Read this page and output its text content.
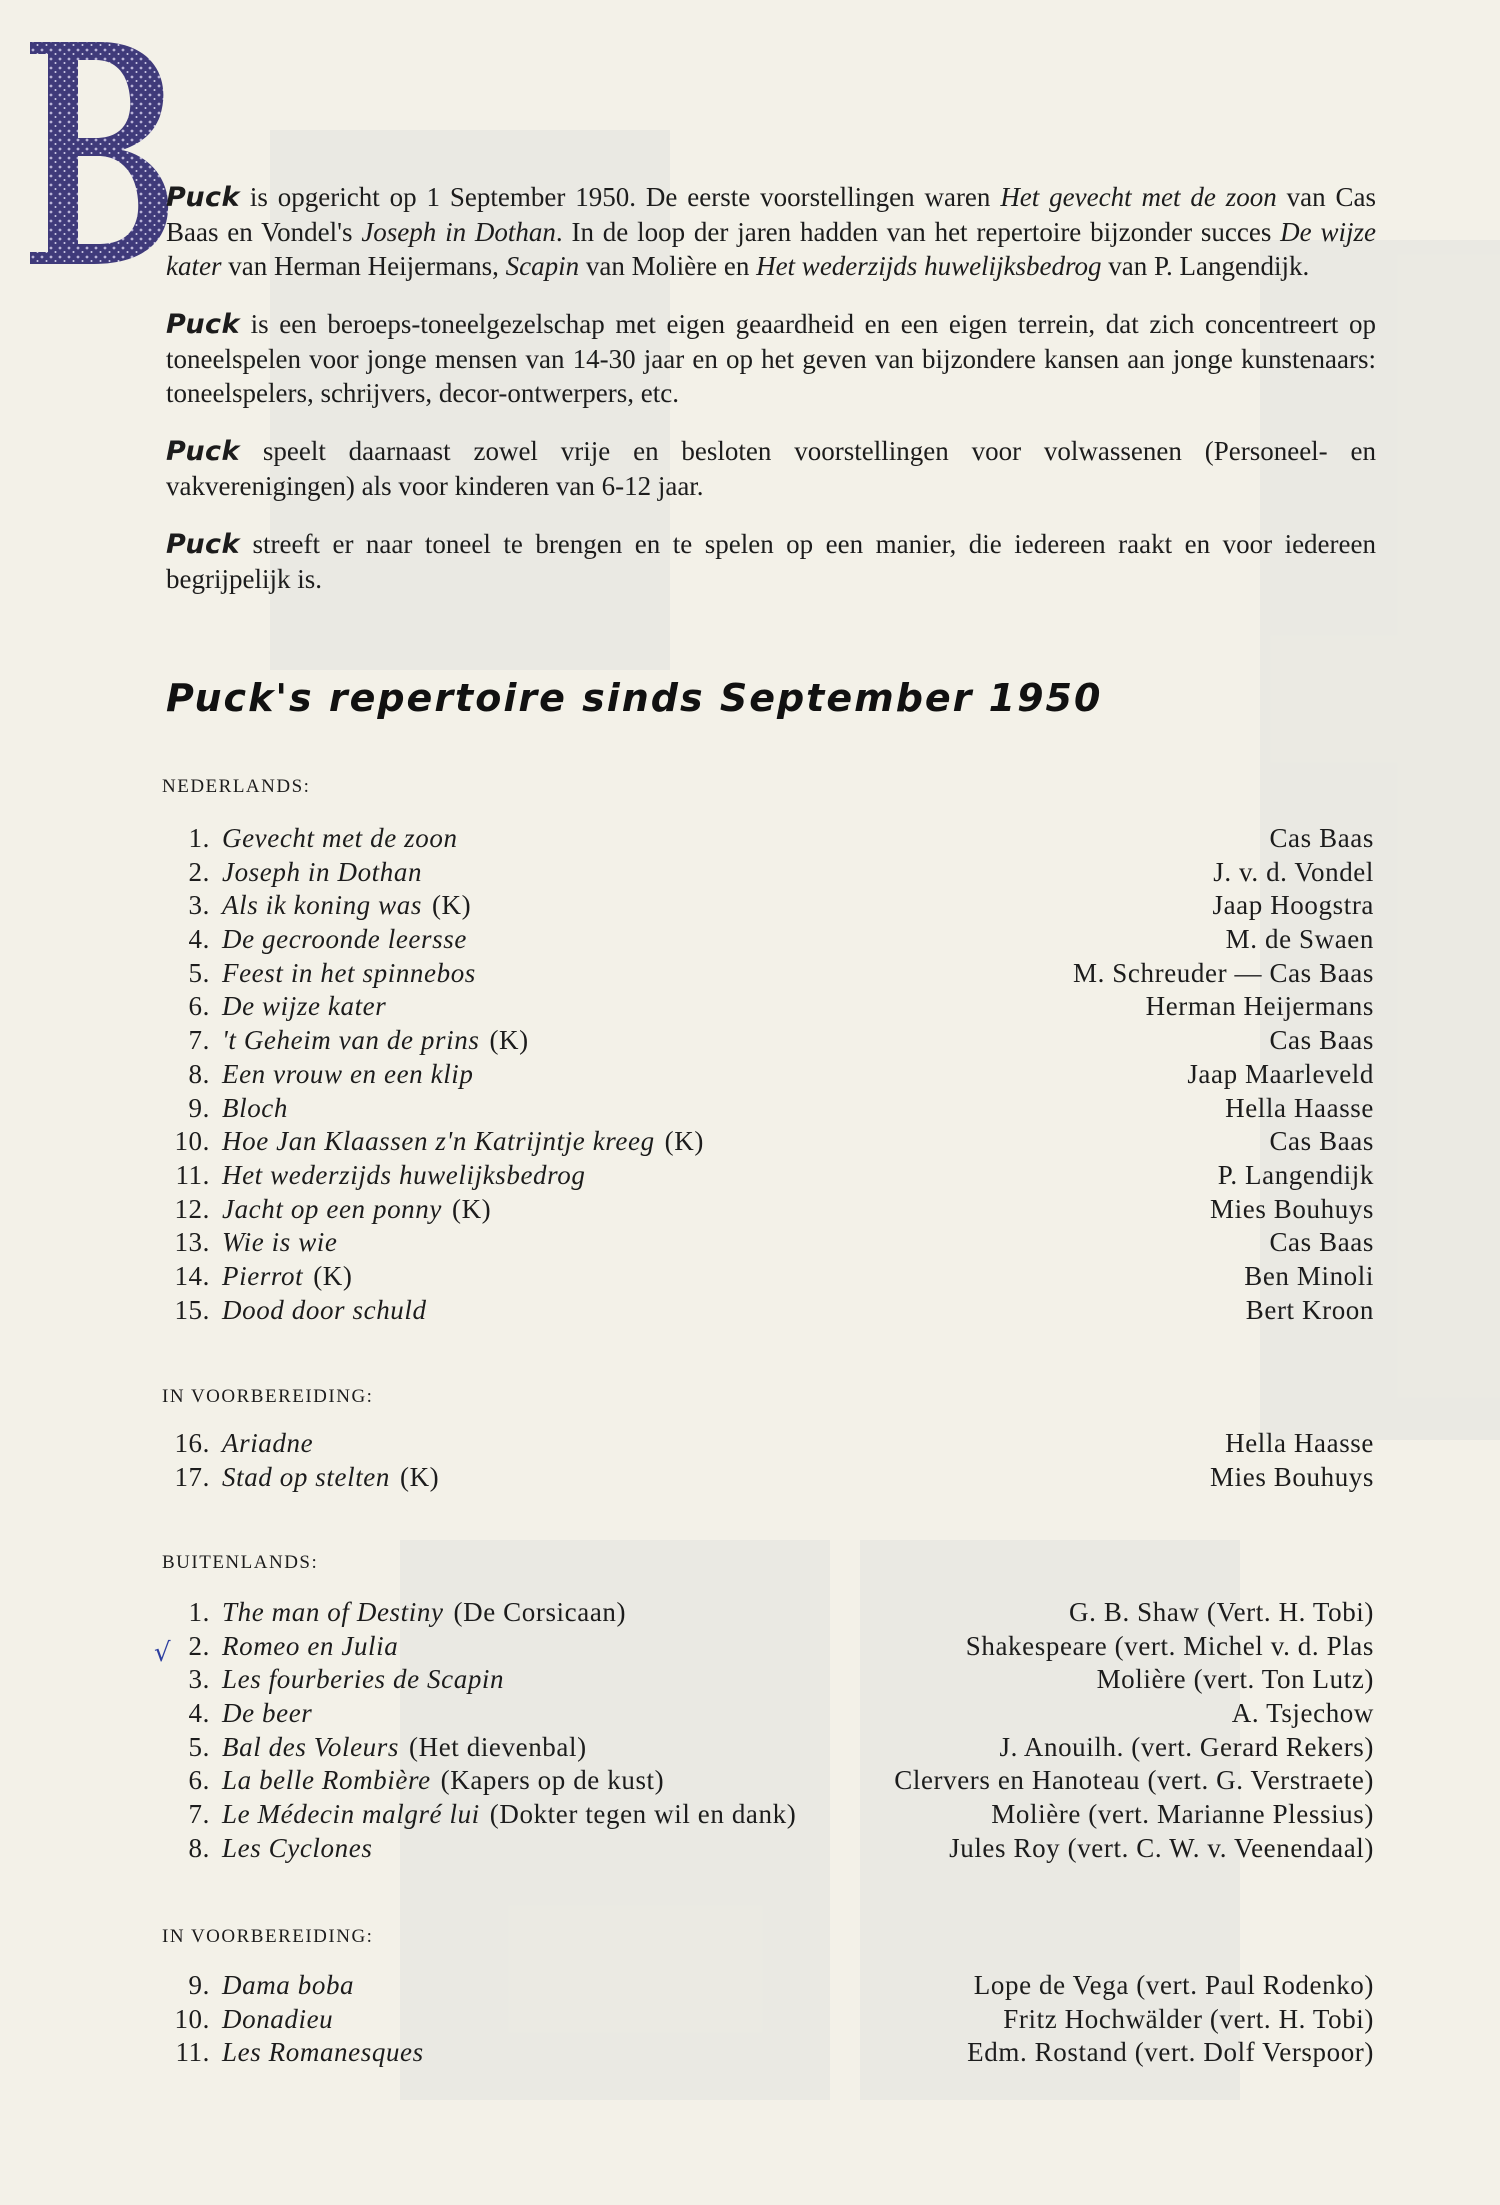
Puck is opgericht op 1 September 1950. De eerste voorstellingen waren Het gevecht met de zoon van Cas Baas en Vondel's Joseph in Dothan. In de loop der jaren hadden van het repertoire bijzonder succes De wijze kater van Herman Heijermans, Scapin van Molière en Het wederzijds huwelijksbedrog van P. Langendijk.

Puck is een beroeps-toneelgezelschap met eigen geaardheid en een eigen terrein, dat zich concentreert op toneelspelen voor jonge mensen van 14-30 jaar en op het geven van bijzondere kansen aan jonge kunstenaars: toneelspelers, schrijvers, decor-ontwerpers, etc.

Puck speelt daarnaast zowel vrije en besloten voorstellingen voor volwassenen (Personeel- en vakverenigingen) als voor kinderen van 6-12 jaar.

Puck streeft er naar toneel te brengen en te spelen op een manier, die iedereen raakt en voor iedereen begrijpelijk is.

Puck's repertoire sinds September 1950
NEDERLANDS:
1. Gevecht met de zoon	Cas Baas
2. Joseph in Dothan	J. v. d. Vondel
3. Als ik koning was (K)	Jaap Hoogstra
4. De gecroonde leersse	M. de Swaen
5. Feest in het spinnebos	M. Schreuder — Cas Baas
6. De wijze kater	Herman Heijermans
7. 't Geheim van de prins (K)	Cas Baas
8. Een vrouw en een klip	Jaap Maarleveld
9. Bloch	Hella Haasse
10. Hoe Jan Klaassen z'n Katrijntje kreeg (K)	Cas Baas
11. Het wederzijds huwelijksbedrog	P. Langendijk
12. Jacht op een ponny (K)	Mies Bouhuys
13. Wie is wie	Cas Baas
14. Pierrot (K)	Ben Minoli
15. Dood door schuld	Bert Kroon
IN VOORBEREIDING:
16. Ariadne	Hella Haasse
17. Stad op stelten (K)	Mies Bouhuys
BUITENLANDS:
1. The man of Destiny (De Corsicaan)	G. B. Shaw (Vert. H. Tobi)
2. Romeo en Julia	Shakespeare (vert. Michel v. d. Plas
3. Les fourberies de Scapin	Molière (vert. Ton Lutz)
4. De beer	A. Tsjechow
5. Bal des Voleurs (Het dievenbal)	J. Anouilh. (vert. Gerard Rekers)
6. La belle Rombière (Kapers op de kust)	Clervers en Hanoteau (vert. G. Verstraete)
7. Le Médecin malgré lui (Dokter tegen wil en dank)	Molière (vert. Marianne Plessius)
8. Les Cyclones	Jules Roy (vert. C. W. v. Veenendaal)
IN VOORBEREIDING:
9. Dama boba	Lope de Vega (vert. Paul Rodenko)
10. Donadieu	Fritz Hochwälder (vert. H. Tobi)
11. Les Romanesques	Edm. Rostand (vert. Dolf Verspoor)
√
